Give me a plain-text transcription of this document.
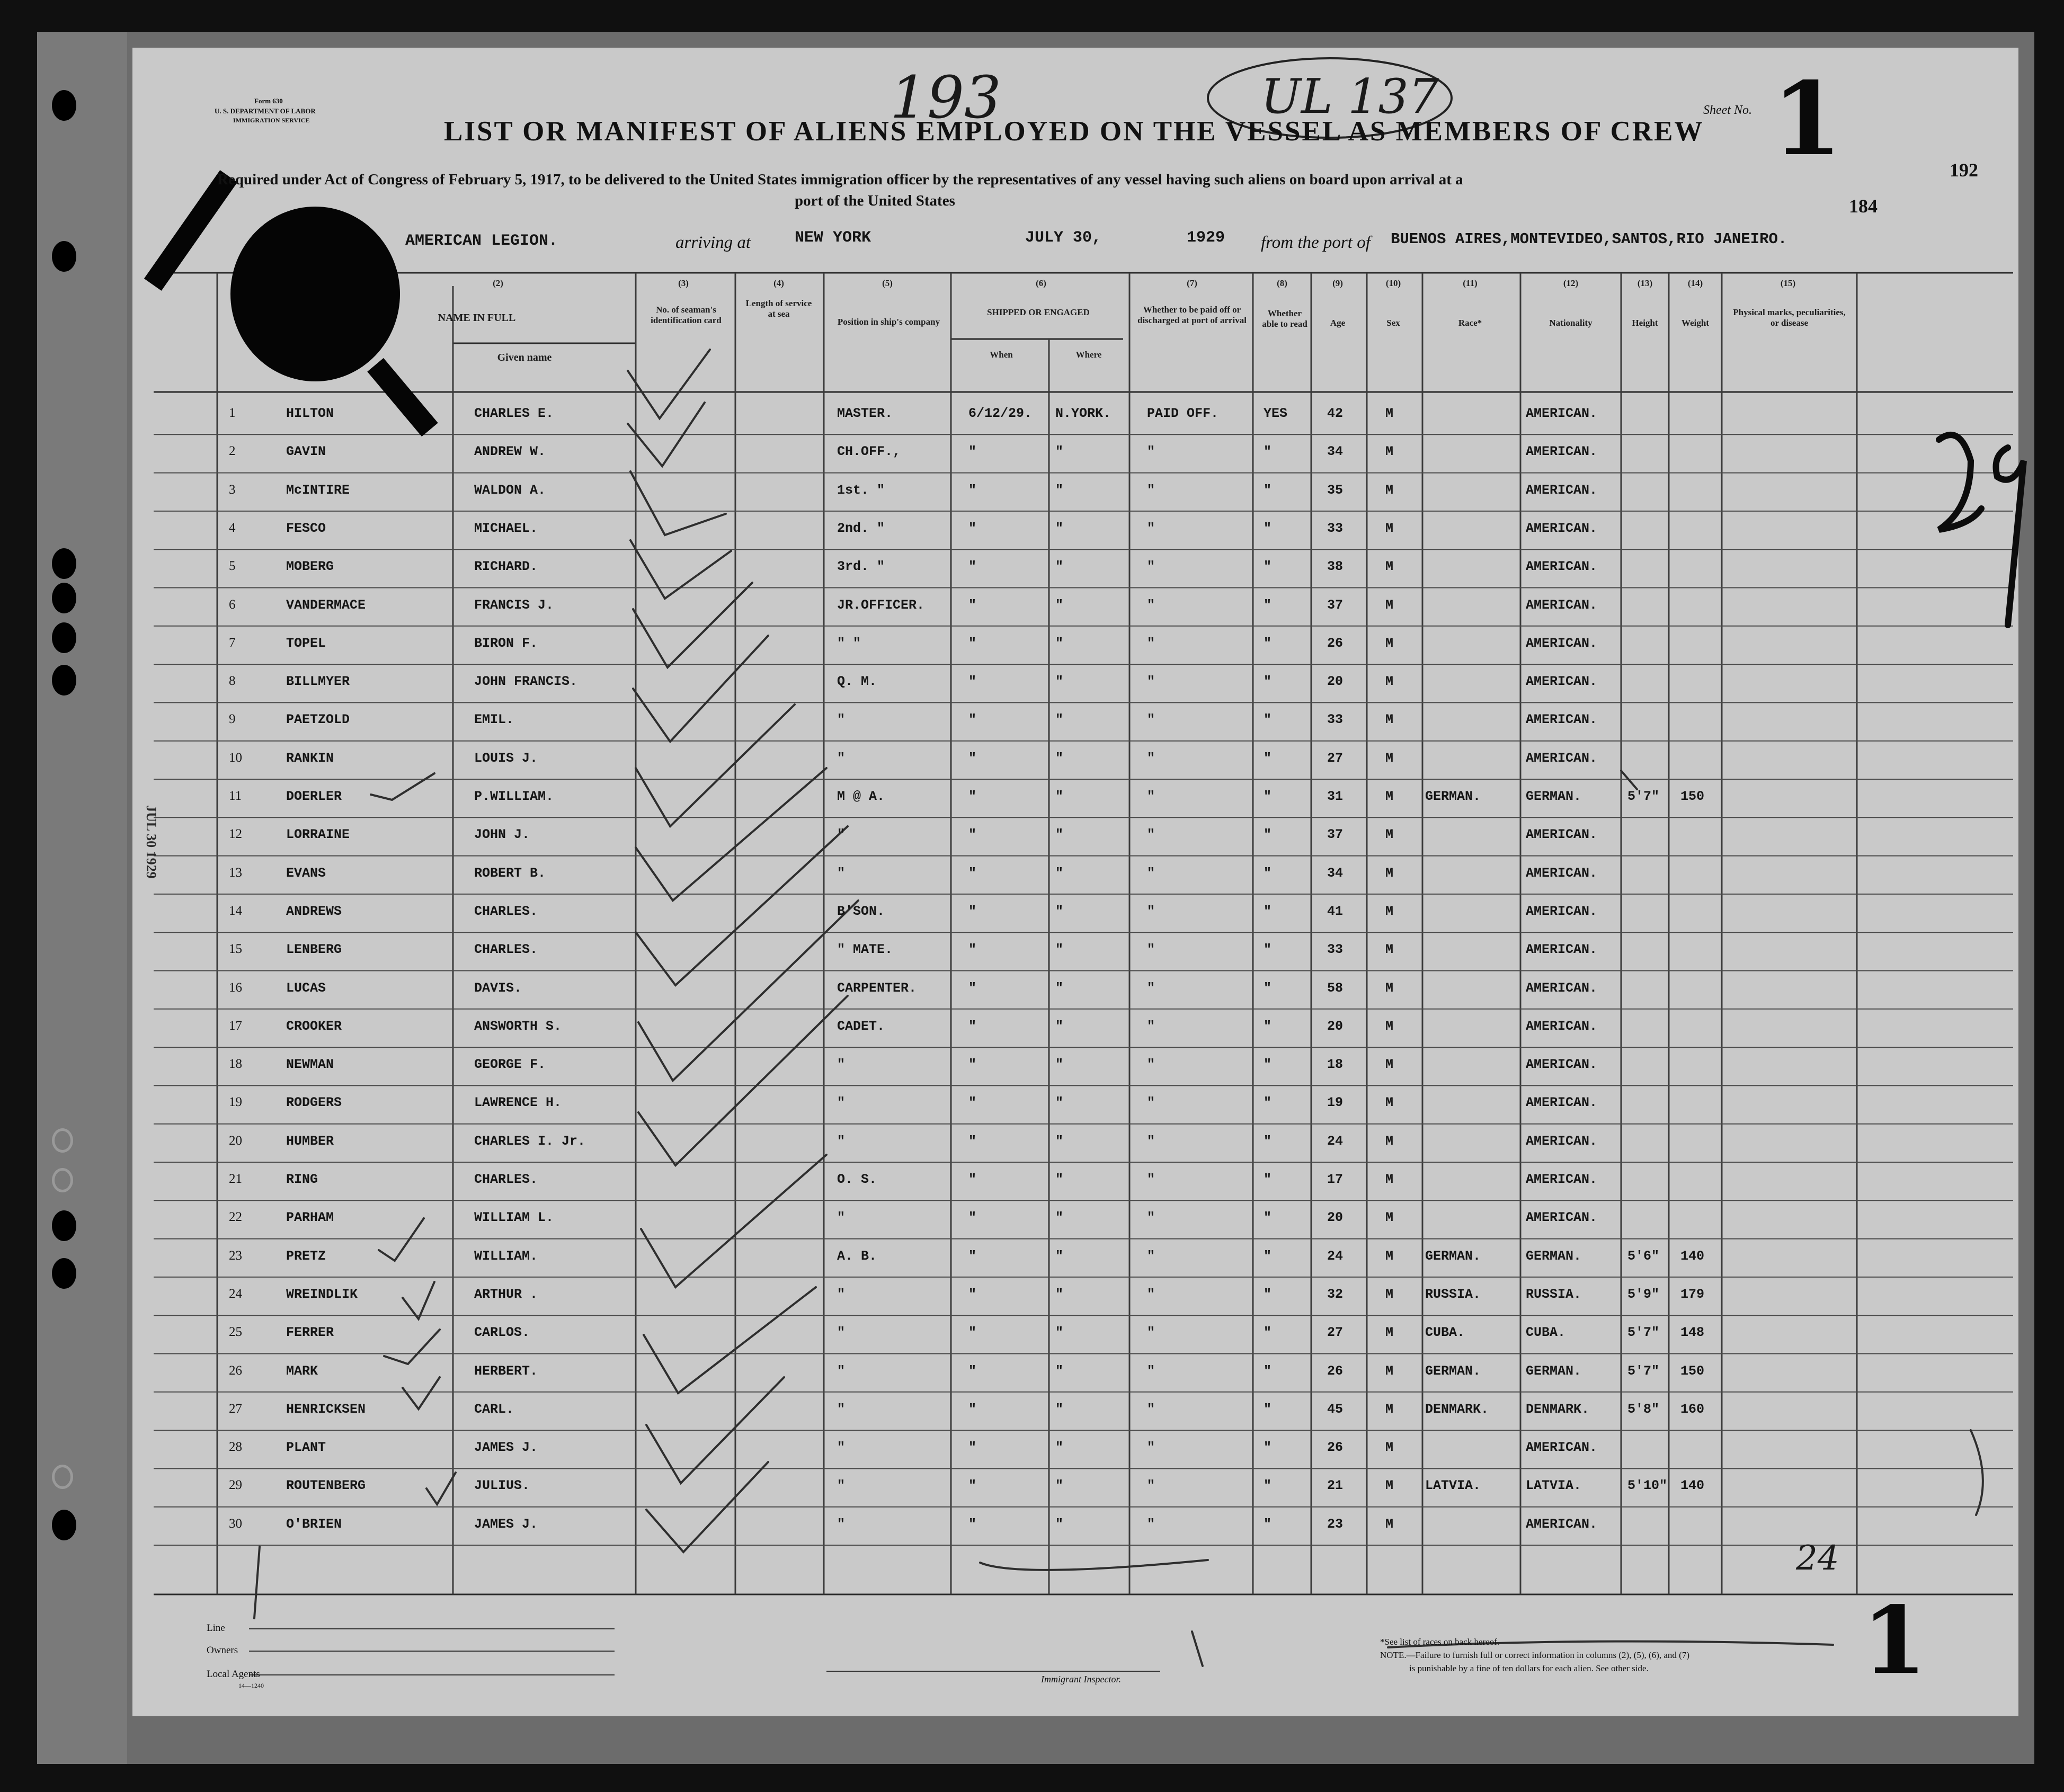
Form 630
U. S. DEPARTMENT OF LABOR
IMMIGRATION SERVICE	193	UL 137	Sheet No. 1
LIST OR MANIFEST OF ALIENS EMPLOYED ON THE VESSEL AS MEMBERS OF CREW
Required under Act of Congress of February 5, 1917, to be delivered to the United States immigration officer by the representatives of any vessel having such aliens on board upon arrival at a
port of the United States
192
184
AMERICAN LEGION.	arriving at	NEW YORK	JULY 30,	1929 from the port of BUENOS AIRES,MONTEVIDEO,SANTOS,RIO JANEIRO.
(2)
NAME IN FULL
Given name
(3)
No. of seaman's identification card
(4)
Length of service at sea
(5)
Position in ship's company
(6)
SHIPPED OR ENGAGED
When	Where
(7)
Whether to be paid off or discharged at port of arrival
(8)
Whether able to read
(9)
Age
(10)
Sex
(11)
Race*
(12)
Nationality
(13)
Height
(14)
Weight
(15)
Physical marks, peculiarities, or disease
1	HILTON	CHARLES E.	MASTER.	6/12/29. N.YORK.	PAID OFF.	YES	42	M	AMERICAN.
2	GAVIN	ANDREW W.	CH.OFF.,	"	"	"	"	34	M	AMERICAN.
3	McINTIRE	WALDON A.	1st. "	"	"	"	"	35	M	AMERICAN.
4	FESCO	MICHAEL.	2nd. "	"	"	"	"	33	M	AMERICAN.
5	MOBERG	RICHARD.	3rd. "	"	"	"	"	38	M	AMERICAN.
6	VANDERMACE	FRANCIS J.	JR.OFFICER.	"	"	"	"	37	M	AMERICAN.
7	TOPEL	BIRON F.	" "	"	"	"	"	26	M	AMERICAN.
8	BILLMYER	JOHN FRANCIS.	Q. M.	"	"	"	"	20	M	AMERICAN.
9	PAETZOLD	EMIL.	"	"	"	"	"	33	M	AMERICAN.
10	RANKIN	LOUIS J.	"	"	"	"	"	27	M	AMERICAN.
11	DOERLER	P.WILLIAM.	M @ A.	"	"	"	"	31	M GERMAN.	GERMAN.	5'7" 150
12	LORRAINE	JOHN J.	"	"	"	"	"	37	M	AMERICAN.
13	EVANS	ROBERT B.	"	"	"	"	"	34	M	AMERICAN.
14	ANDREWS	CHARLES.	B'SON.	"	"	"	"	41	M	AMERICAN.
15	LENBERG	CHARLES.	" MATE.	"	"	"	"	33	M	AMERICAN.
16	LUCAS	DAVIS.	CARPENTER.	"	"	"	"	58	M	AMERICAN.
17	CROOKER	ANSWORTH S.	CADET.	"	"	"	"	20	M	AMERICAN.
18	NEWMAN	GEORGE F.	"	"	"	"	"	18	M	AMERICAN.
19	RODGERS	LAWRENCE H.	"	"	"	"	"	19	M	AMERICAN.
20	HUMBER	CHARLES I. Jr.	"	"	"	"	"	24	M	AMERICAN.
21	RING	CHARLES.	O. S.	"	"	"	"	17	M	AMERICAN.
22	PARHAM	WILLIAM L.	"	"	"	"	"	20	M	AMERICAN.
23	PRETZ	WILLIAM.	A. B.	"	"	"	"	24	M GERMAN.	GERMAN.	5'6" 140
24	WREINDLIK	ARTHUR .	"	"	"	"	"	32	M RUSSIA.	RUSSIA.	5'9" 179
25	FERRER	CARLOS.	"	"	"	"	"	27	M CUBA.	CUBA.	5'7" 148
26	MARK	HERBERT.	"	"	"	"	"	26	M GERMAN.	GERMAN.	5'7" 150
27	HENRICKSEN	CARL.	"	"	"	"	"	45	M DENMARK.	DENMARK.	5'8" 160
28	PLANT	JAMES J.	"	"	"	"	"	26	M	AMERICAN.
29	ROUTENBERG	JULIUS.	"	"	"	"	"	21	M LATVIA.	LATVIA.	5'10" 140
30	O'BRIEN	JAMES J.	"	"	"	"	"	23	M	AMERICAN.
Line
Owners
Local Agents
14—1240
Immigrant Inspector.
*See list of races on back hereof.
NOTE.—Failure to furnish full or correct information in columns (2), (5), (6), and (7)
is punishable by a fine of ten dollars for each alien. See other side. 1
24
JUL 30 1929
